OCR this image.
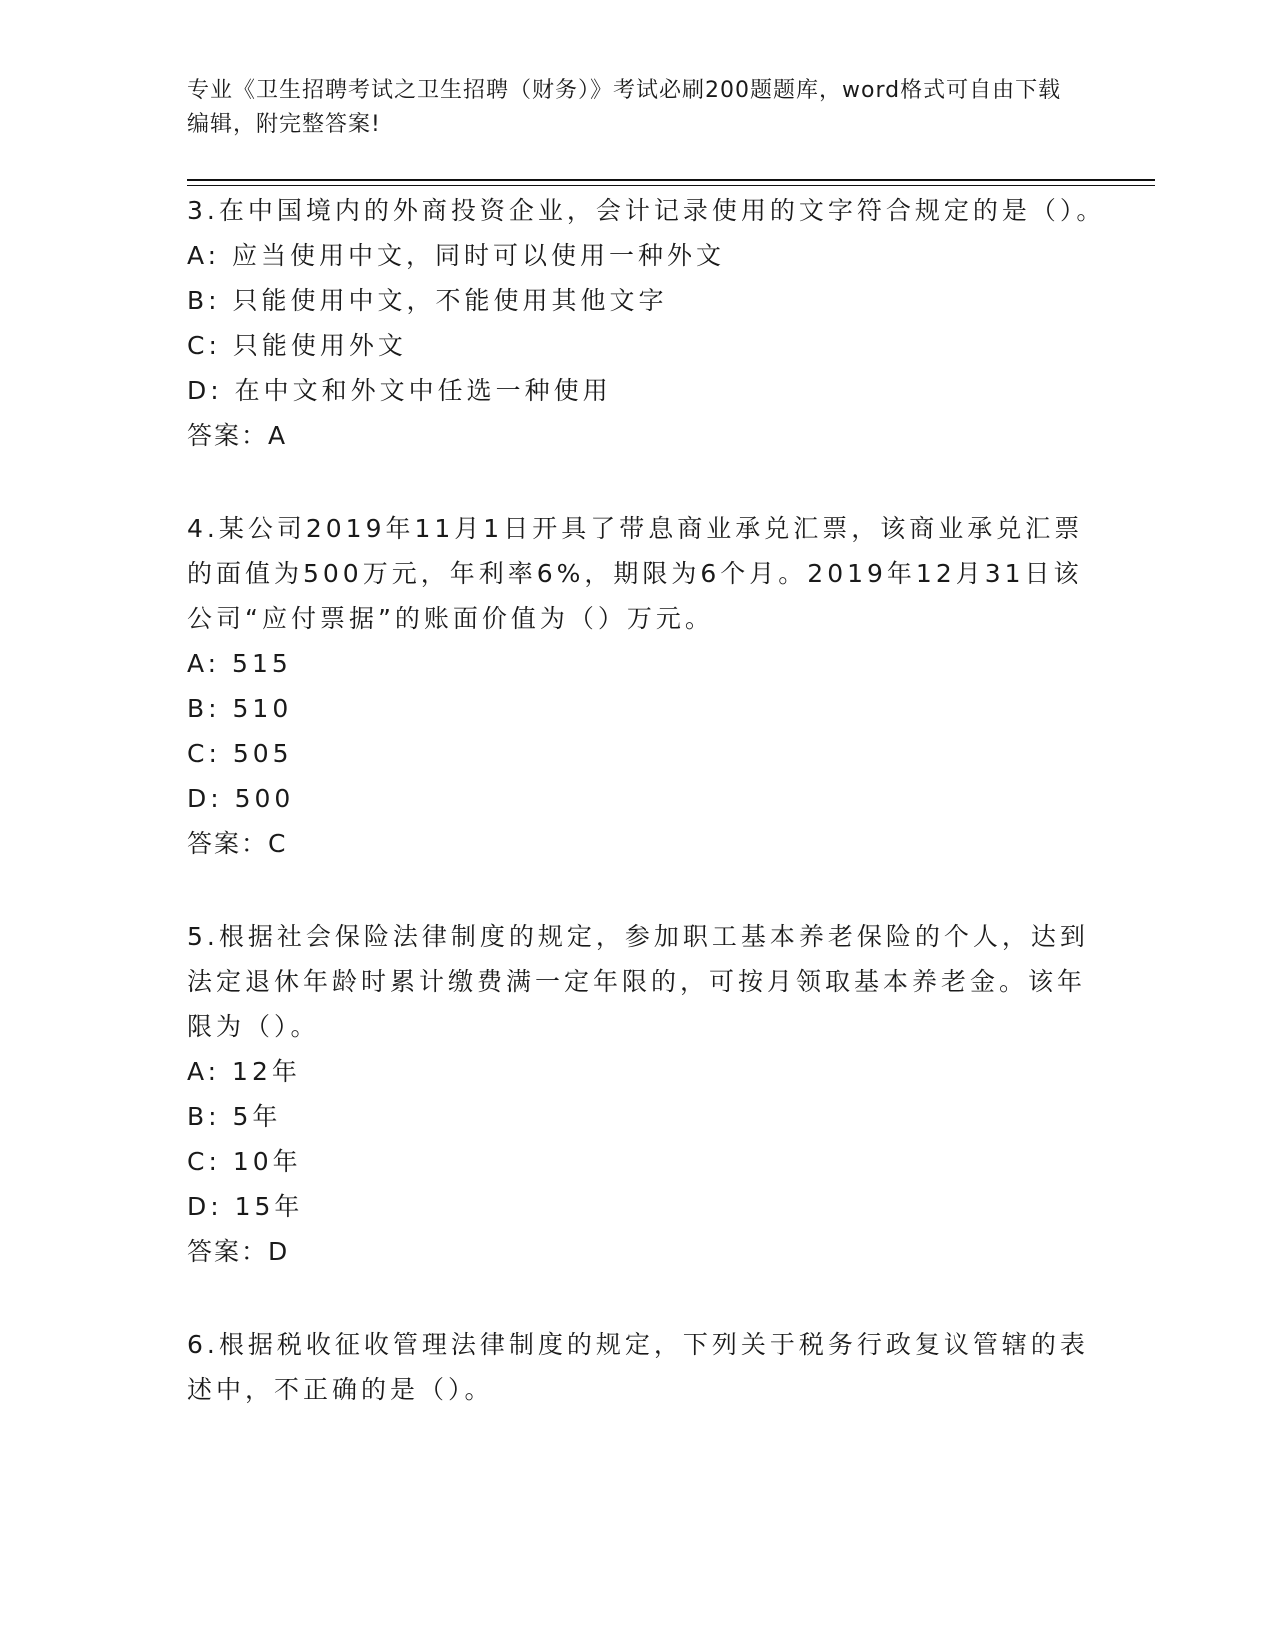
专业《卫生招聘考试之卫生招聘（财务）》考试必刷200题题库，word格式可自由下载编辑，附完整答案!
3.在中国境内的外商投资企业，会计记录使用的文字符合规定的是（）。
A: 应当使用中文，同时可以使用一种外文
B: 只能使用中文，不能使用其他文字
C: 只能使用外文
D: 在中文和外文中任选一种使用
答案：A
4.某公司2019年11月1日开具了带息商业承兑汇票，该商业承兑汇票的面值为500万元，年利率6%，期限为6个月。2019年12月31日该公司“应付票据”的账面价值为（）万元。
A: 515
B: 510
C: 505
D: 500
答案：C
5.根据社会保险法律制度的规定，参加职工基本养老保险的个人，达到法定退休年龄时累计缴费满一定年限的，可按月领取基本养老金。该年限为（）。
A: 12年
B: 5年
C: 10年
D: 15年
答案：D
6.根据税收征收管理法律制度的规定，下列关于税务行政复议管辖的表述中，不正确的是（）。
